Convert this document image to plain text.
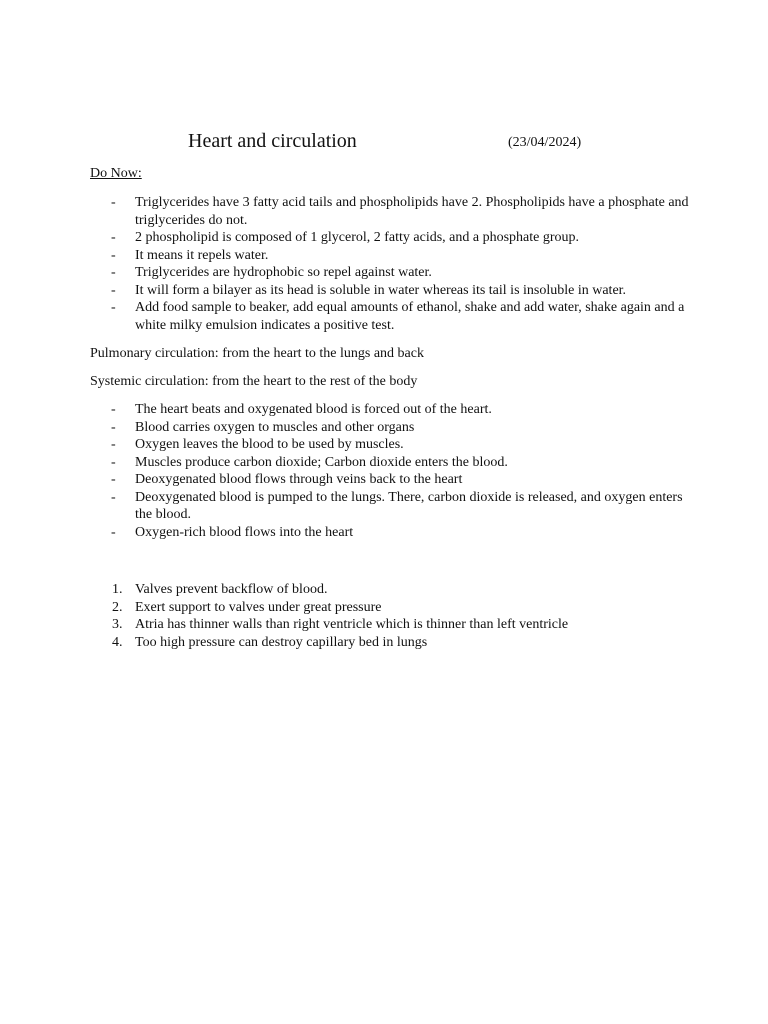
Heart and circulation	(23/04/2024)
Do Now:
- Triglycerides have 3 fatty acid tails and phospholipids have 2. Phospholipids have a phosphate and triglycerides do not.
- 2 phospholipid is composed of 1 glycerol, 2 fatty acids, and a phosphate group.
- It means it repels water.
- Triglycerides are hydrophobic so repel against water.
- It will form a bilayer as its head is soluble in water whereas its tail is insoluble in water.
- Add food sample to beaker, add equal amounts of ethanol, shake and add water, shake again and a white milky emulsion indicates a positive test.
Pulmonary circulation: from the heart to the lungs and back
Systemic circulation: from the heart to the rest of the body
- The heart beats and oxygenated blood is forced out of the heart.
- Blood carries oxygen to muscles and other organs
- Oxygen leaves the blood to be used by muscles.
- Muscles produce carbon dioxide; Carbon dioxide enters the blood.
- Deoxygenated blood flows through veins back to the heart
- Deoxygenated blood is pumped to the lungs. There, carbon dioxide is released, and oxygen enters the blood.
- Oxygen-rich blood flows into the heart
1. Valves prevent backflow of blood.
2. Exert support to valves under great pressure
3. Atria has thinner walls than right ventricle which is thinner than left ventricle
4. Too high pressure can destroy capillary bed in lungs
